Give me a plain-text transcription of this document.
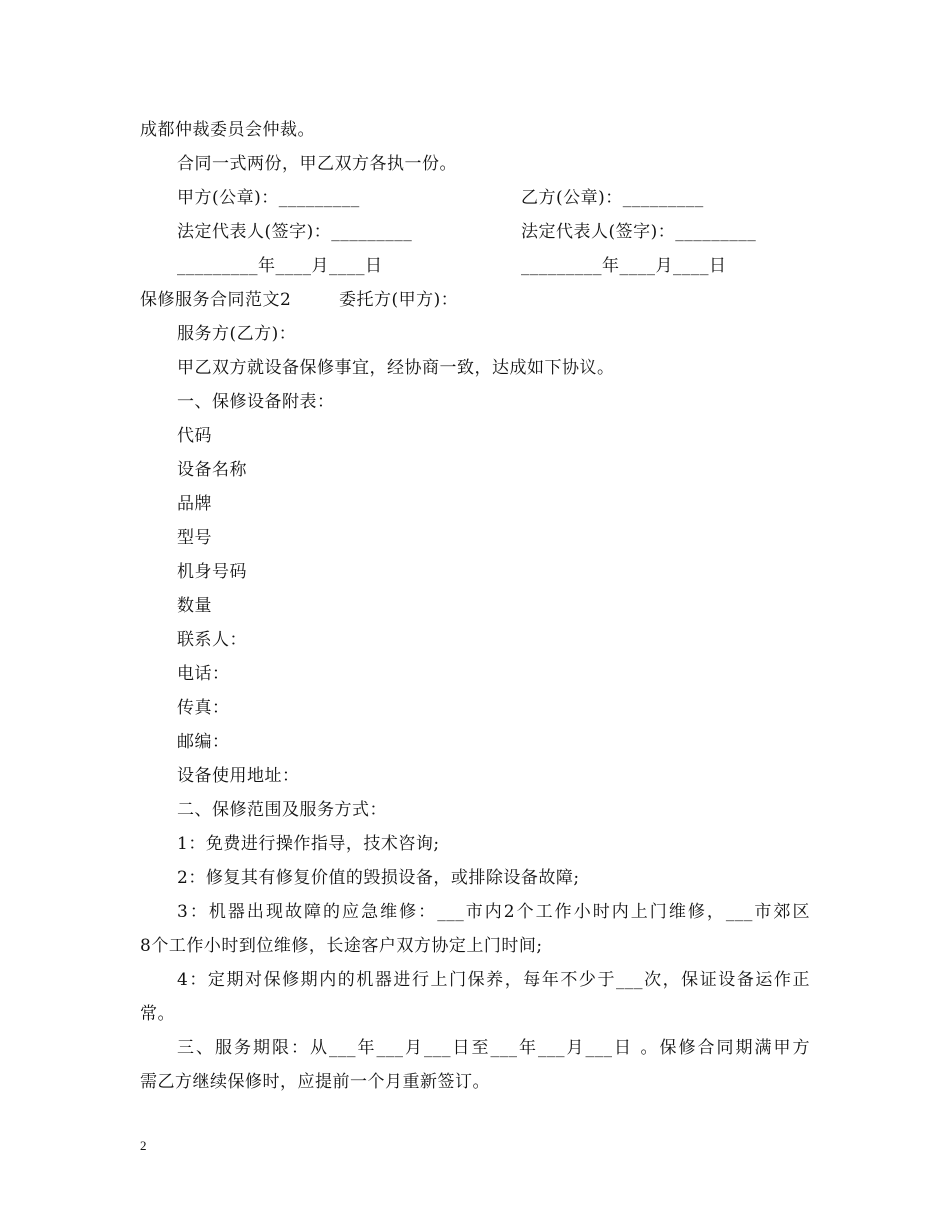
成都仲裁委员会仲裁。
合同一式两份，甲乙双方各执一份。
甲方(公章)：_________	乙方(公章)：_________
法定代表人(签字)：_________	法定代表人(签字)：_________
_________年____月____日	_________年____月____日
保修服务合同范文2	委托方(甲方)：
服务方(乙方)：
甲乙双方就设备保修事宜，经协商一致，达成如下协议。
一、保修设备附表：
代码
设备名称
品牌
型号
机身号码
数量
联系人：
电话：
传真：
邮编：
设备使用地址：
二、保修范围及服务方式：
1：免费进行操作指导，技术咨询;
2：修复其有修复价值的毁损设备，或排除设备故障;
3：机器出现故障的应急维修：___市内2个工作小时内上门维修，___市郊区
8个工作小时到位维修，长途客户双方协定上门时间;
4：定期对保修期内的机器进行上门保养，每年不少于___次，保证设备运作正
常。
三、服务期限：从___年___月___日至___年___月___日 。保修合同期满甲方
需乙方继续保修时，应提前一个月重新签订。
2
